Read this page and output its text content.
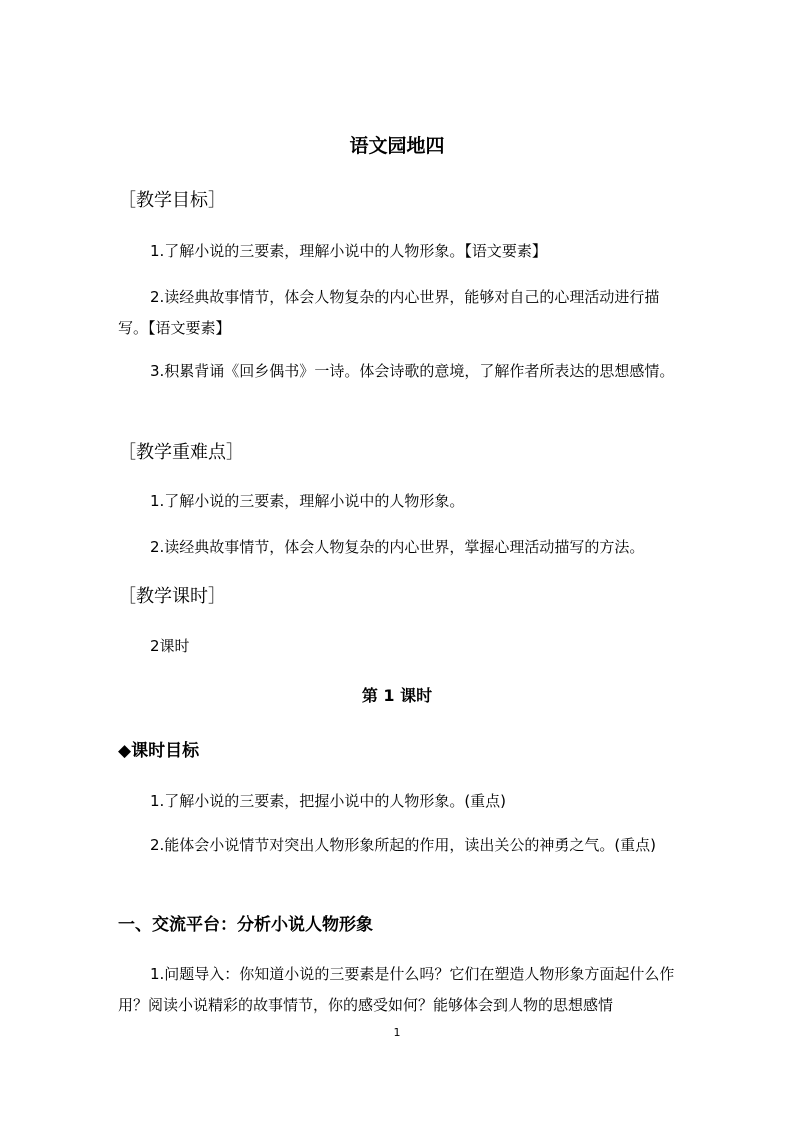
语文园地四
［教学目标］
1.了解小说的三要素，理解小说中的人物形象。【语文要素】
2.读经典故事情节，体会人物复杂的内心世界，能够对自己的心理活动进行描写。【语文要素】
3.积累背诵《回乡偶书》一诗。体会诗歌的意境，了解作者所表达的思想感情。
［教学重难点］
1.了解小说的三要素，理解小说中的人物形象。
2.读经典故事情节，体会人物复杂的内心世界，掌握心理活动描写的方法。
［教学课时］
2课时
第 1 课时
◆课时目标
1.了解小说的三要素，把握小说中的人物形象。(重点)
2.能体会小说情节对突出人物形象所起的作用，读出关公的神勇之气。(重点)
一、交流平台：分析小说人物形象
1.问题导入：你知道小说的三要素是什么吗？它们在塑造人物形象方面起什么作用？阅读小说精彩的故事情节，你的感受如何？能够体会到人物的思想感情
1
